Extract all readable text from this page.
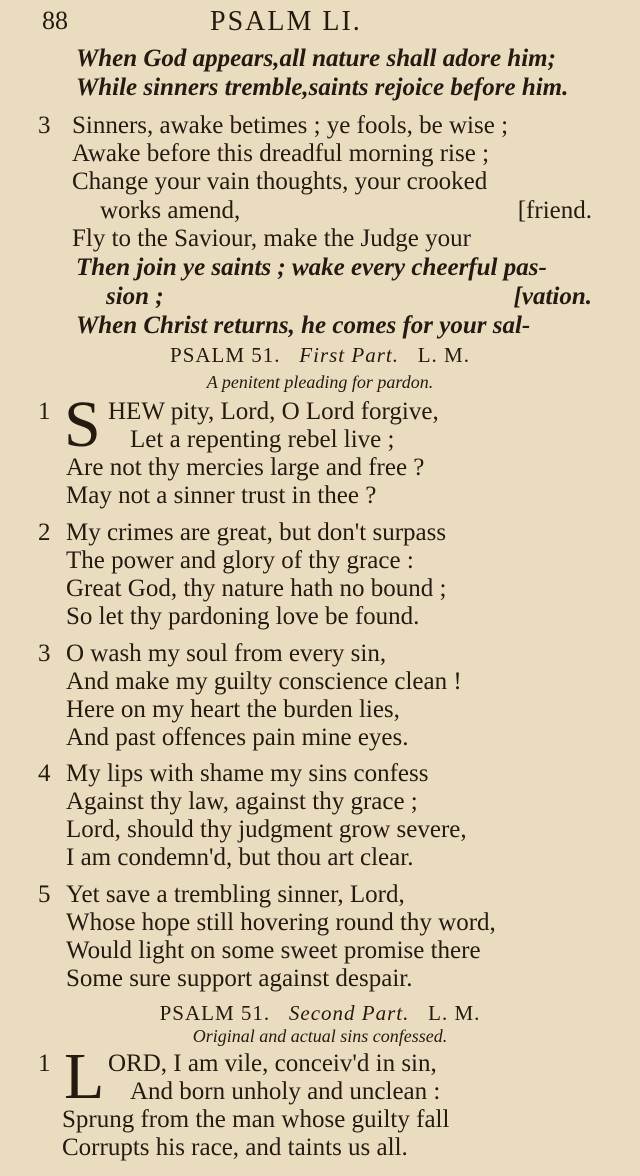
88	PSALM LI.
When God appears,all nature shall adore him;
While sinners tremble,saints rejoice before him.
3 Sinners, awake betimes ; ye fools, be wise ;
Awake before this dreadful morning rise ;
Change your vain thoughts, your crooked
works amend,	[friend.
Fly to the Saviour, make the Judge your
Then join ye saints ; wake every cheerful pas-
sion ;	[vation.
When Christ returns, he comes for your sal-
PSALM 51. First Part. L. M.
A penitent pleading for pardon.
1 S HEW pity, Lord, O Lord forgive,
Let a repenting rebel live ;
Are not thy mercies large and free ?
May not a sinner trust in thee ?
2 My crimes are great, but don't surpass
The power and glory of thy grace :
Great God, thy nature hath no bound ;
So let thy pardoning love be found.
3 O wash my soul from every sin,
And make my guilty conscience clean !
Here on my heart the burden lies,
And past offences pain mine eyes.
4 My lips with shame my sins confess
Against thy law, against thy grace ;
Lord, should thy judgment grow severe,
I am condemn'd, but thou art clear.
5 Yet save a trembling sinner, Lord,
Whose hope still hovering round thy word,
Would light on some sweet promise there
Some sure support against despair.
PSALM 51. Second Part. L. M.
Original and actual sins confessed.
1 L ORD, I am vile, conceiv'd in sin,
And born unholy and unclean :
Sprung from the man whose guilty fall
Corrupts his race, and taints us all.
